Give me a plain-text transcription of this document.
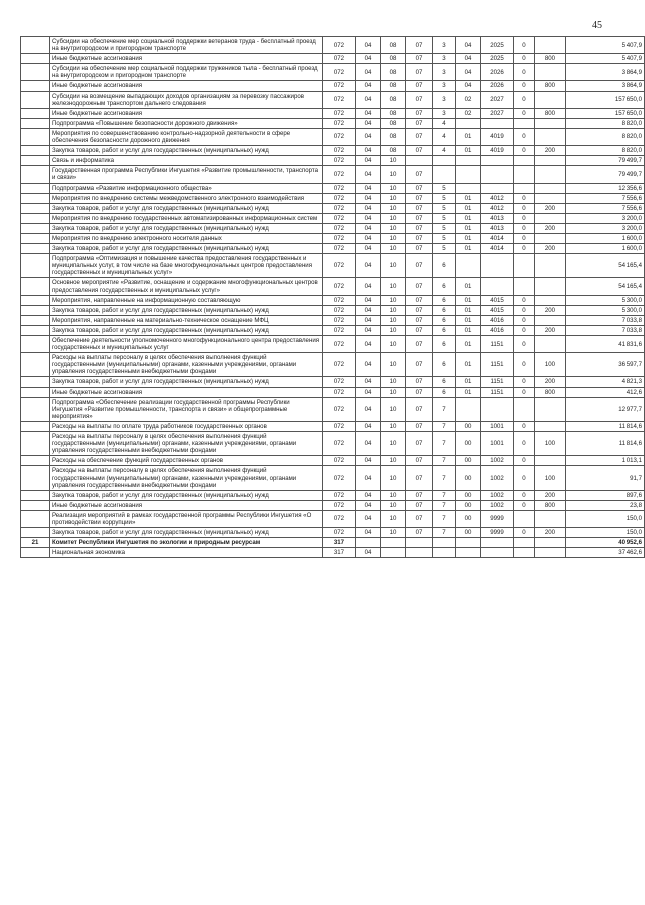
45
	Субсидии на обеспечение мер социальной поддержки ветеранов труда - бесплатный проезд на внутригородском и пригородном транспорте	072	04	08	07	3	04	2025	0		5 407,9
	Иные бюджетные ассигнования	072	04	08	07	3	04	2025	0	800	5 407,9
	Субсидии на обеспечение мер социальной поддержки тружеников тыла - бесплатный проезд на внутригородском и пригородном транспорте	072	04	08	07	3	04	2026	0		3 864,9
	Иные бюджетные ассигнования	072	04	08	07	3	04	2026	0	800	3 864,9
	Субсидии на возмещение выпадающих доходов организациям за перевозку пассажиров железнодорожным транспортом дальнего следования	072	04	08	07	3	02	2027	0		157 650,0
	Иные бюджетные ассигнования	072	04	08	07	3	02	2027	0	800	157 650,0
	Подпрограмма «Повышение безопасности дорожного движения»	072	04	08	07	4					8 820,0
	Мероприятия по совершенствованию контрольно-надзорной деятельности в сфере обеспечения безопасности дорожного движения	072	04	08	07	4	01	4019	0		8 820,0
	Закупка товаров, работ и услуг для государственных (муниципальных) нужд	072	04	08	07	4	01	4019	0	200	8 820,0
	Связь и информатика	072	04	10							79 499,7
	Государственная программа Республики Ингушетия «Развитие промышленности, транспорта и связи»	072	04	10	07						79 499,7
	Подпрограмма «Развитие информационного общества»	072	04	10	07	5					12 356,6
	Мероприятия по внедрению системы межведомственного электронного взаимодействия	072	04	10	07	5	01	4012	0		7 556,6
	Закупка товаров, работ и услуг для государственных (муниципальных) нужд	072	04	10	07	5	01	4012	0	200	7 556,6
	Мероприятия по внедрению государственных автоматизированных информационных систем	072	04	10	07	5	01	4013	0		3 200,0
	Закупка товаров, работ и услуг для государственных (муниципальных) нужд	072	04	10	07	5	01	4013	0	200	3 200,0
	Мероприятия по внедрению электронного носителя данных	072	04	10	07	5	01	4014	0		1 600,0
	Закупка товаров, работ и услуг для государственных (муниципальных) нужд	072	04	10	07	5	01	4014	0	200	1 600,0
	Подпрограмма «Оптимизация и повышение качества предоставления государственных и муниципальных услуг, в том числе на базе многофункциональных центров предоставления государственных и муниципальных услуг»	072	04	10	07	6					54 165,4
	Основное мероприятие «Развитие, оснащение и содержание многофункциональных центров предоставления государственных и муниципальных услуг»	072	04	10	07	6	01				54 165,4
	Мероприятия, направленные на информационную составляющую	072	04	10	07	6	01	4015	0		5 300,0
	Закупка товаров, работ и услуг для государственных (муниципальных) нужд	072	04	10	07	6	01	4015	0	200	5 300,0
	Мероприятия, направленные на материально-техническое оснащение МФЦ	072	04	10	07	6	01	4016	0		7 033,8
	Закупка товаров, работ и услуг для государственных (муниципальных) нужд	072	04	10	07	6	01	4016	0	200	7 033,8
	Обеспечение деятельности уполномоченного многофункционального центра предоставления государственных и муниципальных услуг	072	04	10	07	6	01	1151	0		41 831,6
	Расходы на выплаты персоналу в целях обеспечения выполнения функций государственными (муниципальными) органами, казенными учреждениями, органами управления государственными внебюджетными фондами	072	04	10	07	6	01	1151	0	100	36 597,7
	Закупка товаров, работ и услуг для государственных (муниципальных) нужд	072	04	10	07	6	01	1151	0	200	4 821,3
	Иные бюджетные ассигнования	072	04	10	07	6	01	1151	0	800	412,6
	Подпрограмма «Обеспечение реализации государственной программы Республики Ингушетия «Развитие промышленности, транспорта и связи» и общепрограммные мероприятия»	072	04	10	07	7					12 977,7
	Расходы на выплаты по оплате труда работников государственных органов	072	04	10	07	7	00	1001	0		11 814,6
	Расходы на выплаты персоналу в целях обеспечения выполнения функций государственными (муниципальными) органами, казенными учреждениями, органами управления государственными внебюджетными фондами	072	04	10	07	7	00	1001	0	100	11 814,6
	Расходы на обеспечение функций государственных органов	072	04	10	07	7	00	1002	0		1 013,1
	Расходы на выплаты персоналу в целях обеспечения выполнения функций государственными (муниципальными) органами, казенными учреждениями, органами управления государственными внебюджетными фондами	072	04	10	07	7	00	1002	0	100	91,7
	Закупка товаров, работ и услуг для государственных (муниципальных) нужд	072	04	10	07	7	00	1002	0	200	897,6
	Иные бюджетные ассигнования	072	04	10	07	7	00	1002	0	800	23,8
	Реализация мероприятий в рамках государственной программы Республики Ингушетия «О противодействии коррупции»	072	04	10	07	7	00	9999			150,0
	Закупка товаров, работ и услуг для государственных (муниципальных) нужд	072	04	10	07	7	00	9999	0	200	150,0
21	Комитет Республики Ингушетия по экологии и природным ресурсам	317									40 952,6
	Национальная экономика	317	04								37 462,6
